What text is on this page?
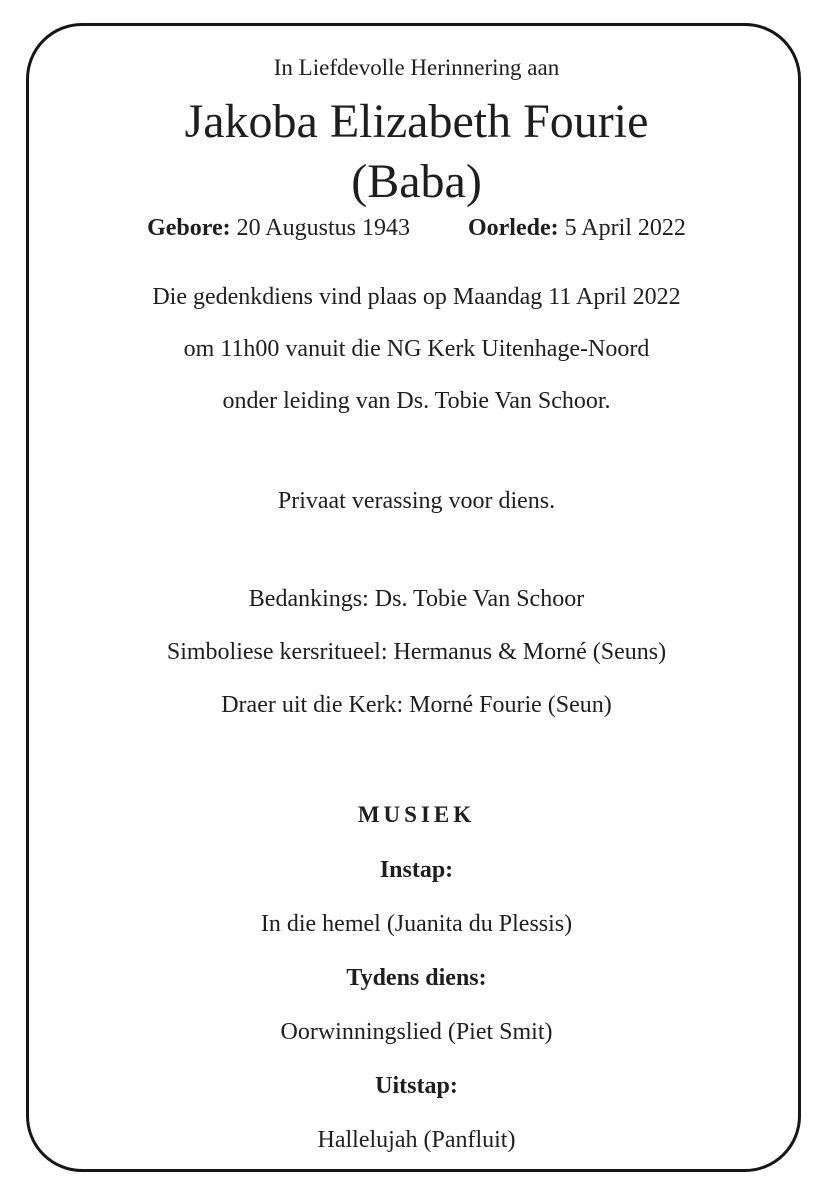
In Liefdevolle Herinnering aan
Jakoba Elizabeth Fourie
(Baba)
Gebore: 20 Augustus 1943 Oorlede: 5 April 2022
Die gedenkdiens vind plaas op Maandag 11 April 2022
om 11h00 vanuit die NG Kerk Uitenhage-Noord
onder leiding van Ds. Tobie Van Schoor.
Privaat verassing voor diens.
Bedankings: Ds. Tobie Van Schoor
Simboliese kersritueel: Hermanus & Morné (Seuns)
Draer uit die Kerk: Morné Fourie (Seun)
MUSIEK
Instap:
In die hemel (Juanita du Plessis)
Tydens diens:
Oorwinningslied (Piet Smit)
Uitstap:
Hallelujah (Panfluit)
